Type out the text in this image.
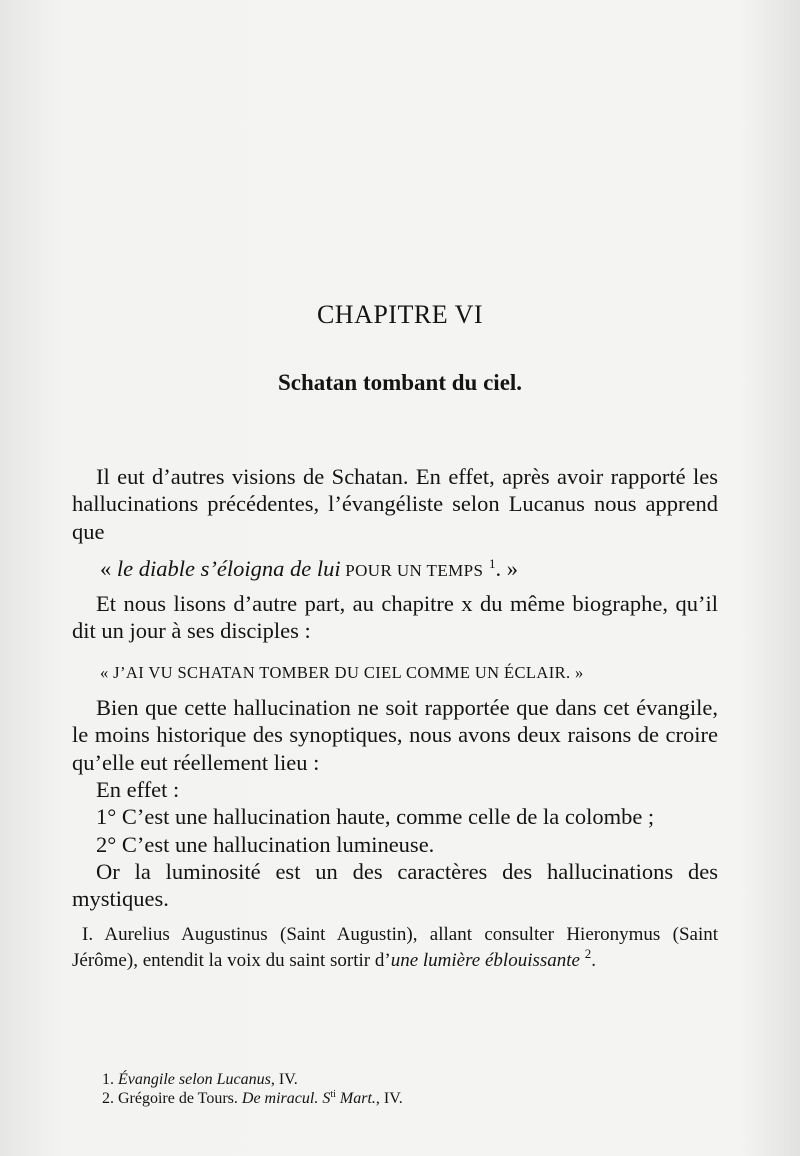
CHAPITRE VI
Schatan tombant du ciel.

Il eut d’autres visions de Schatan. En effet, après avoir rapporté les hallucinations précédentes, l’évangéliste selon Lucanus nous apprend que

« le diable s’éloigna de lui POUR UN TEMPS $^1$. »

Et nous lisons d’autre part, au chapitre x du même biographe, qu’il dit un jour à ses disciples :

« J’AI VU SCHATAN TOMBER DU CIEL COMME UN ÉCLAIR. »

Bien que cette hallucination ne soit rapportée que dans cet évangile, le moins historique des synoptiques, nous avons deux raisons de croire qu’elle eut réellement lieu :

En effet :

1° C’est une hallucination haute, comme celle de la colombe ;

2° C’est une hallucination lumineuse.

Or la luminosité est un des caractères des hallucinations des mystiques.

I. Aurelius Augustinus (Saint Augustin), allant consulter Hieronymus (Saint Jérôme), entendit la voix du saint sortir d’une lumière éblouissante $^2$.

1. Évangile selon Lucanus, IV.
2. Grégoire de Tours. De miracul. $S^{ti}$ Mart., IV.
